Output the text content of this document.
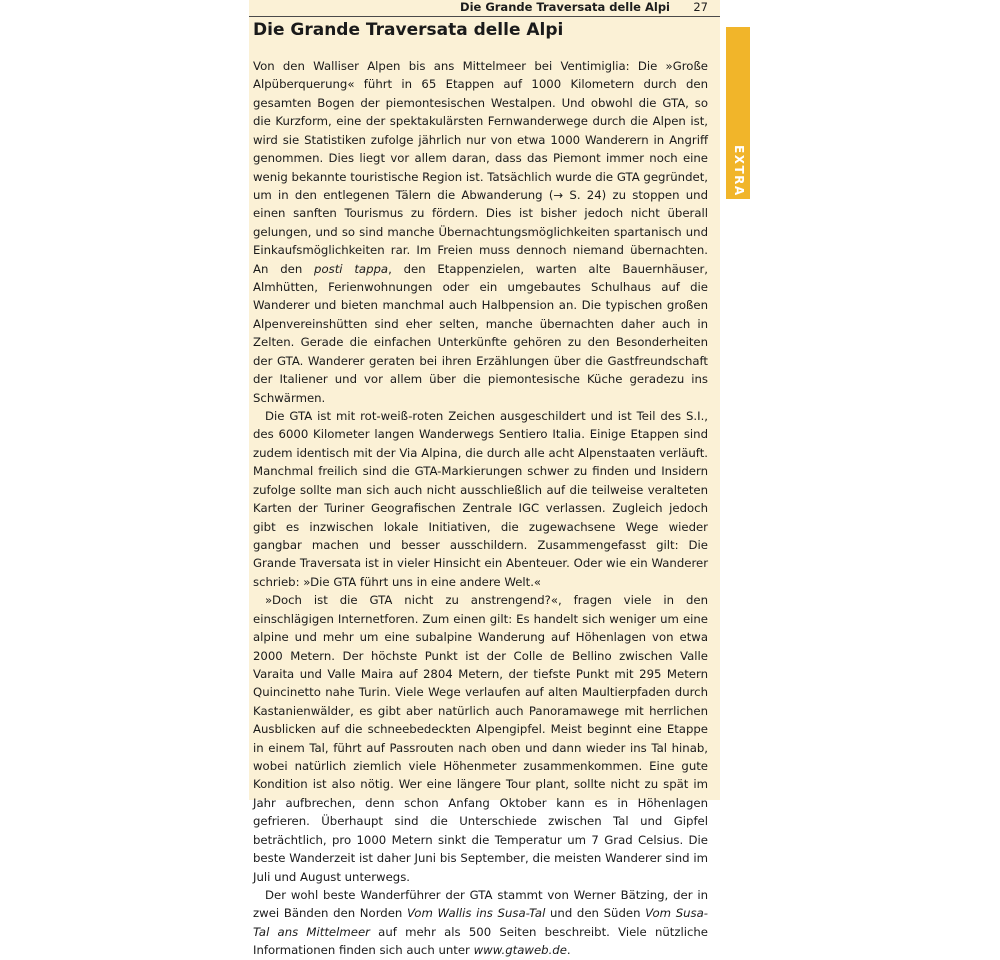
Die Grande Traversata delle Alpi 27
Die Grande Traversata delle Alpi

Von den Walliser Alpen bis ans Mittelmeer bei Ventimiglia: Die »Große Alpüberquerung« führt in 65 Etappen auf 1000 Kilometern durch den gesamten Bogen der piemontesischen Westalpen. Und obwohl die GTA, so die Kurzform, eine der spektakulärsten Fernwanderwege durch die Alpen ist, wird sie Statistiken zufolge jährlich nur von etwa 1000 Wanderern in Angriff genommen. Dies liegt vor allem daran, dass das Piemont immer noch eine wenig bekannte touristische Region ist. Tatsächlich wurde die GTA gegründet, um in den entlegenen Tälern die Abwanderung (→ S. 24) zu stoppen und einen sanften Tourismus zu fördern. Dies ist bisher jedoch nicht überall gelungen, und so sind manche Übernachtungsmöglichkeiten spartanisch und Einkaufsmöglichkeiten rar. Im Freien muss dennoch niemand übernachten. An den posti tappa, den Etappenzielen, warten alte Bauernhäuser, Almhütten, Ferienwohnungen oder ein umgebautes Schulhaus auf die Wanderer und bieten manchmal auch Halbpension an. Die typischen großen Alpenvereinshütten sind eher selten, manche übernachten daher auch in Zelten. Gerade die einfachen Unterkünfte gehören zu den Besonderheiten der GTA. Wanderer geraten bei ihren Erzählungen über die Gastfreundschaft der Italiener und vor allem über die piemontesische Küche geradezu ins Schwärmen.

Die GTA ist mit rot-weiß-roten Zeichen ausgeschildert und ist Teil des S.I., des 6000 Kilometer langen Wanderwegs Sentiero Italia. Einige Etappen sind zudem identisch mit der Via Alpina, die durch alle acht Alpenstaaten verläuft. Manchmal freilich sind die GTA-Markierungen schwer zu finden und Insidern zufolge sollte man sich auch nicht ausschließlich auf die teilweise veralteten Karten der Turiner Geografischen Zentrale IGC verlassen. Zugleich jedoch gibt es inzwischen lokale Initiativen, die zugewachsene Wege wieder gangbar machen und besser ausschildern. Zusammengefasst gilt: Die Grande Traversata ist in vieler Hinsicht ein Abenteuer. Oder wie ein Wanderer schrieb: »Die GTA führt uns in eine andere Welt.«

»Doch ist die GTA nicht zu anstrengend?«, fragen viele in den einschlägigen Internetforen. Zum einen gilt: Es handelt sich weniger um eine alpine und mehr um eine subalpine Wanderung auf Höhenlagen von etwa 2000 Metern. Der höchste Punkt ist der Colle de Bellino zwischen Valle Varaita und Valle Maira auf 2804 Metern, der tiefste Punkt mit 295 Metern Quincinetto nahe Turin. Viele Wege verlaufen auf alten Maultierpfaden durch Kastanienwälder, es gibt aber natürlich auch Panoramawege mit herrlichen Ausblicken auf die schneebedeckten Alpengipfel. Meist beginnt eine Etappe in einem Tal, führt auf Passrouten nach oben und dann wieder ins Tal hinab, wobei natürlich ziemlich viele Höhenmeter zusammenkommen. Eine gute Kondition ist also nötig. Wer eine längere Tour plant, sollte nicht zu spät im Jahr aufbrechen, denn schon Anfang Oktober kann es in Höhenlagen gefrieren. Überhaupt sind die Unterschiede zwischen Tal und Gipfel beträchtlich, pro 1000 Metern sinkt die Temperatur um 7 Grad Celsius. Die beste Wanderzeit ist daher Juni bis September, die meisten Wanderer sind im Juli und August unterwegs.

Der wohl beste Wanderführer der GTA stammt von Werner Bätzing, der in zwei Bänden den Norden Vom Wallis ins Susa-Tal und den Süden Vom Susa-Tal ans Mittelmeer auf mehr als 500 Seiten beschreibt. Viele nützliche Informationen finden sich auch unter www.gtaweb.de.

EXTRA
